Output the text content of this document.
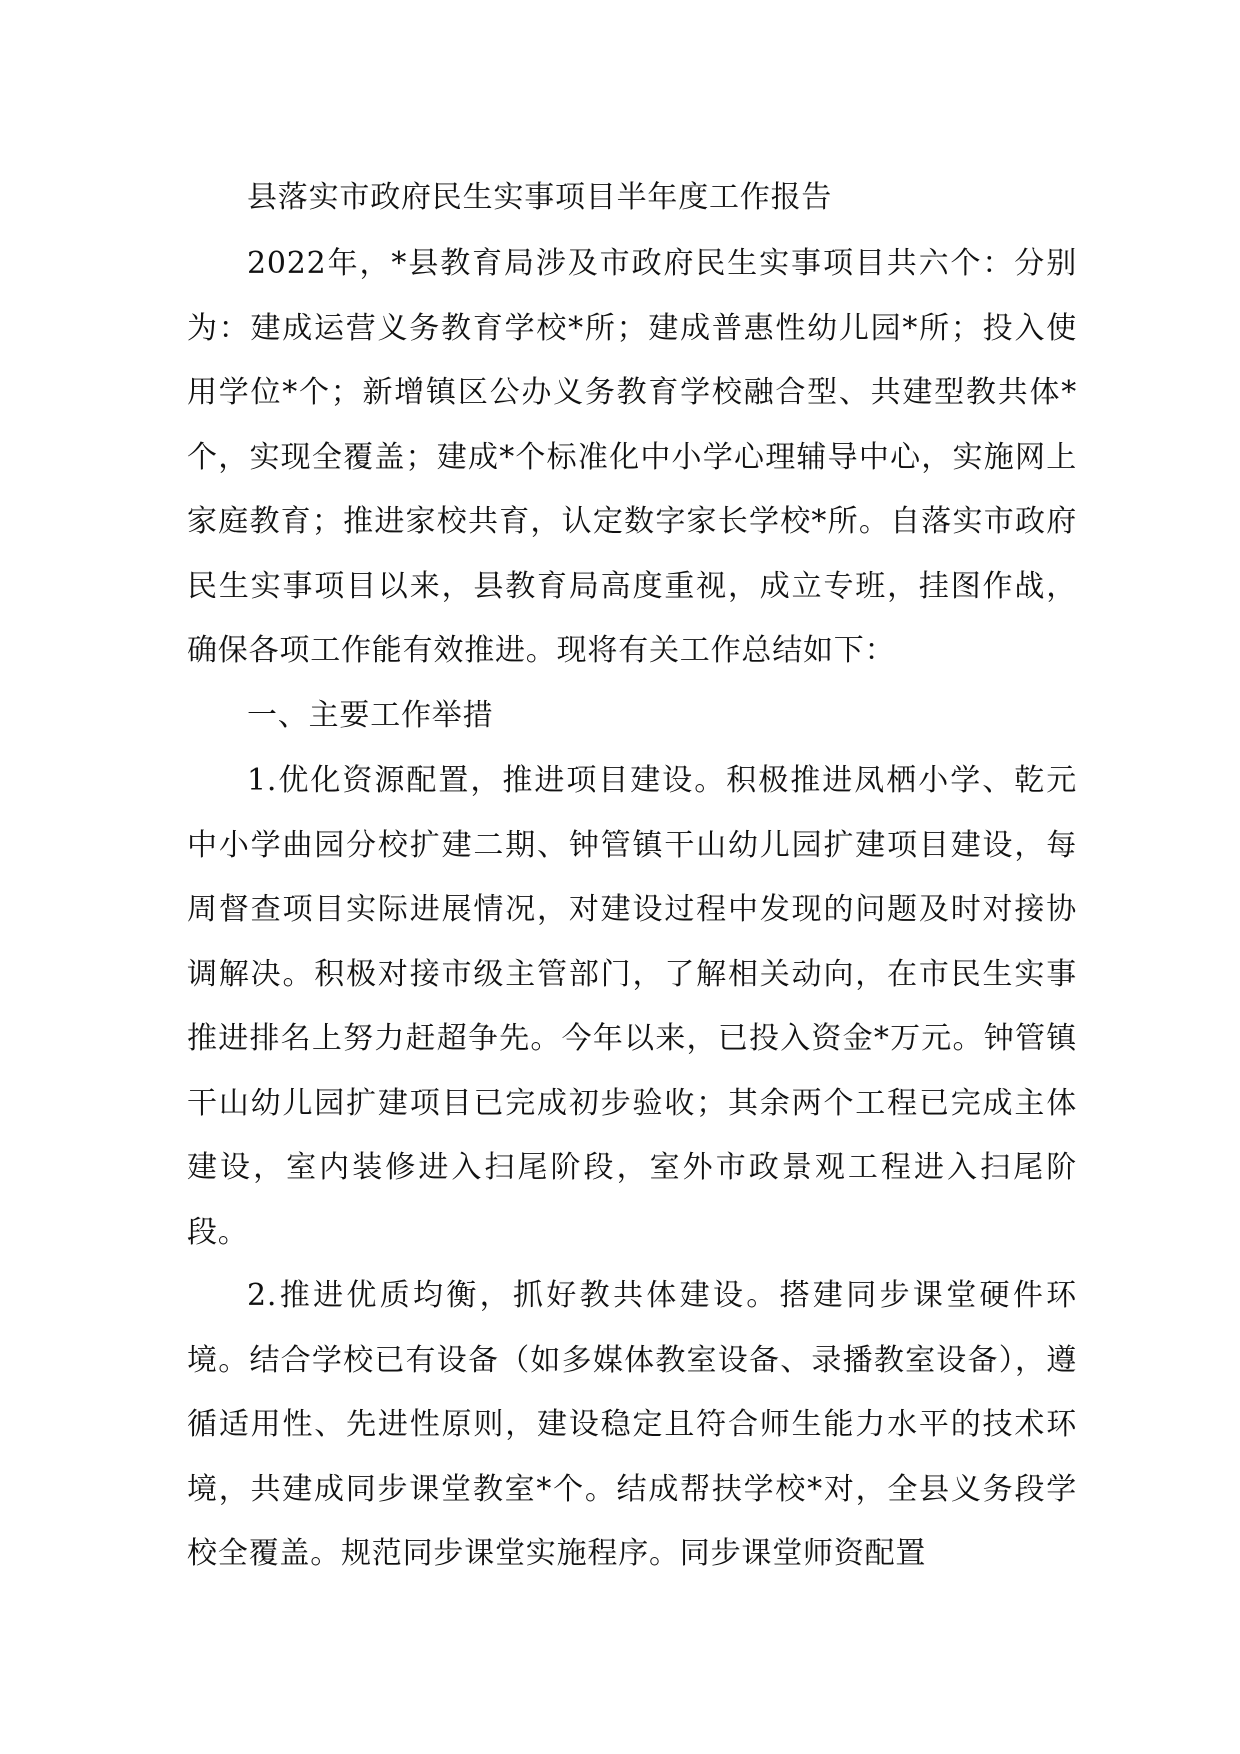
县落实市政府民生实事项目半年度工作报告
2022年，*县教育局涉及市政府民生实事项目共六个：分别为：建成运营义务教育学校*所；建成普惠性幼儿园*所；投入使用学位*个；新增镇区公办义务教育学校融合型、共建型教共体*个，实现全覆盖；建成*个标准化中小学心理辅导中心，实施网上家庭教育；推进家校共育，认定数字家长学校*所。自落实市政府民生实事项目以来，县教育局高度重视，成立专班，挂图作战，确保各项工作能有效推进。现将有关工作总结如下：
一、主要工作举措
1.优化资源配置，推进项目建设。积极推进凤栖小学、乾元中小学曲园分校扩建二期、钟管镇干山幼儿园扩建项目建设，每周督查项目实际进展情况，对建设过程中发现的问题及时对接协调解决。积极对接市级主管部门，了解相关动向，在市民生实事推进排名上努力赶超争先。今年以来，已投入资金*万元。钟管镇干山幼儿园扩建项目已完成初步验收；其余两个工程已完成主体建设，室内装修进入扫尾阶段，室外市政景观工程进入扫尾阶段。
2.推进优质均衡，抓好教共体建设。搭建同步课堂硬件环境。结合学校已有设备（如多媒体教室设备、录播教室设备），遵循适用性、先进性原则，建设稳定且符合师生能力水平的技术环境，共建成同步课堂教室*个。结成帮扶学校*对，全县义务段学校全覆盖。规范同步课堂实施程序。同步课堂师资配置
